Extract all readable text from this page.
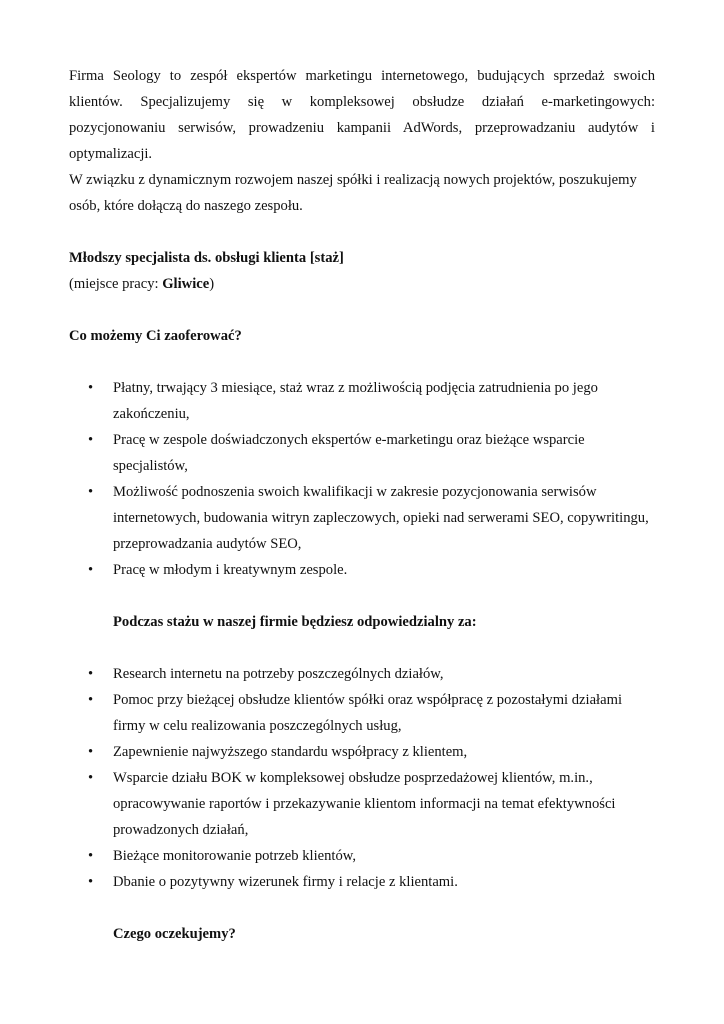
Firma Seology to zespół ekspertów marketingu internetowego, budujących sprzedaż swoich klientów. Specjalizujemy się w kompleksowej obsłudze działań e-marketingowych: pozycjonowaniu serwisów, prowadzeniu kampanii AdWords, przeprowadzaniu audytów i optymalizacji.

W związku z dynamicznym rozwojem naszej spółki i realizacją nowych projektów, poszukujemy osób, które dołączą do naszego zespołu.

Młodszy specjalista ds. obsługi klienta [staż]

(miejsce pracy: Gliwice)

Co możemy Ci zaoferować?

• Płatny, trwający 3 miesiące, staż wraz z możliwością podjęcia zatrudnienia po jego zakończeniu,
• Pracę w zespole doświadczonych ekspertów e-marketingu oraz bieżące wsparcie specjalistów,
• Możliwość podnoszenia swoich kwalifikacji w zakresie pozycjonowania serwisów internetowych, budowania witryn zapleczowych, opieki nad serwerami SEO, copywritingu, przeprowadzania audytów SEO,
• Pracę w młodym i kreatywnym zespole.

Podczas stażu w naszej firmie będziesz odpowiedzialny za:

• Research internetu na potrzeby poszczególnych działów,
• Pomoc przy bieżącej obsłudze klientów spółki oraz współpracę z pozostałymi działami firmy w celu realizowania poszczególnych usług,
• Zapewnienie najwyższego standardu współpracy z klientem,
• Wsparcie działu BOK w kompleksowej obsłudze posprzedażowej klientów, m.in., opracowywanie raportów i przekazywanie klientom informacji na temat efektywności prowadzonych działań,
• Bieżące monitorowanie potrzeb klientów,
• Dbanie o pozytywny wizerunek firmy i relacje z klientami.

Czego oczekujemy?
